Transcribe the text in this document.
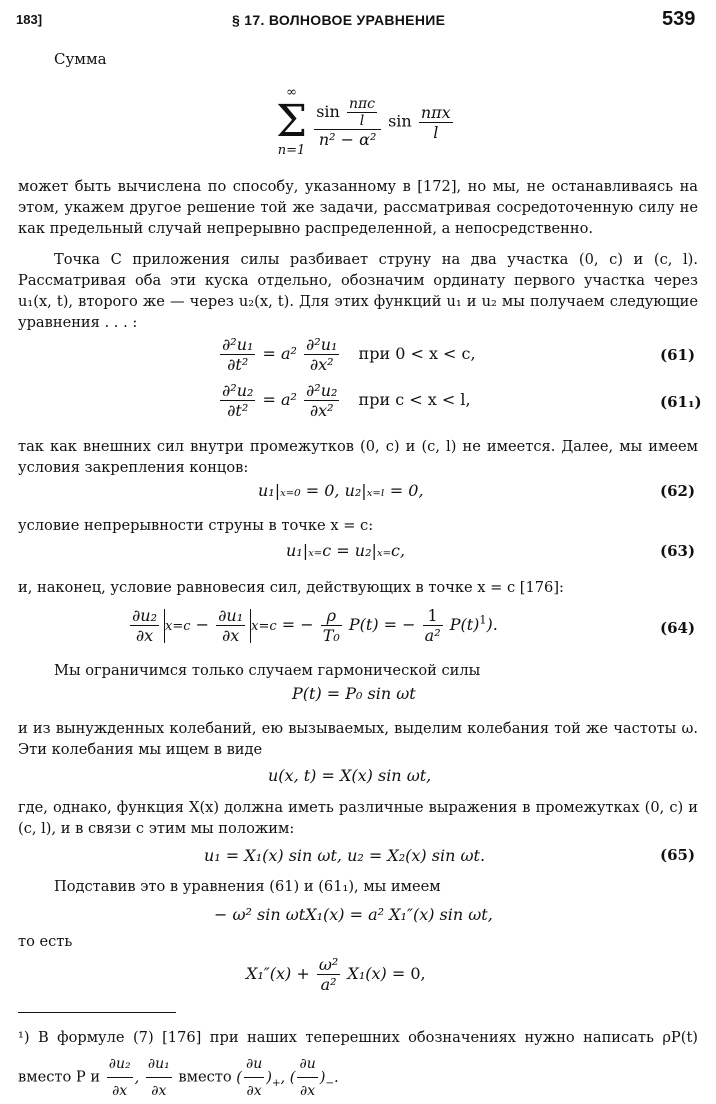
183]	§ 17. ВОЛНОВОЕ УРАВНЕНИЕ	539
Сумма
∞
Σ
n=1

$\frac{\sin \frac{\text{nπc}}{l}}{\text{n² − α²}}$ $\sin \frac{\text{nπx}}{l}$
может быть вычислена по способу, указанному в [172], но мы, не останавливаясь на этом, укажем другое решение той же задачи, рассматривая сосредоточенную силу не как предельный случай непрерывно распределенной, а непосредственно.
Точка C приложения силы разбивает струну на два участка (0, c) и (c, l). Рассматривая оба эти куска отдельно, обозначим ординату первого участка через u₁(x, t), второго же — через u₂(x, t). Для этих функций u₁ и u₂ мы получаем следующие уравнения . . . :
$\frac{\text{∂²u₁}}{\text{∂t²}} = a^2 \frac{\text{∂²u₁}}{\text{∂x²}}$ при 0 < x < c,	(61)
$\frac{\text{∂²u₂}}{\text{∂t²}} = a^2 \frac{\text{∂²u₂}}{\text{∂x²}}$ при c < x < l,	(61₁)
так как внешних сил внутри промежутков (0, c) и (c, l) не имеется. Далее, мы имеем условия закрепления концов:
u₁|ₓ₌₀ = 0, u₂|ₓ₌ₗ = 0,	(62)
условие непрерывности струны в точке x = c:
u₁|ₓ₌c = u₂|ₓ₌c,	(63)
и, наконец, условие равновесия сил, действующих в точке x = c [176]:
$\frac{\text{∂u₂}}{\partial x} x=c - \frac{\text{∂u₁}}{\partial x} x=c$ = − $\frac{\rho}{\text{T₀}} P(t)$ = − $\frac{1}{\text{a²}} P(t)^1$).	(64)
Мы ограничимся только случаем гармонической силы
P(t) = P₀ sin ωt
и из вынужденных колебаний, ею вызываемых, выделим колебания той же частоты ω. Эти колебания мы ищем в виде
u(x, t) = X(x) sin ωt,
где, однако, функция X(x) должна иметь различные выражения в промежутках (0, c) и (c, l), и в связи с этим мы положим:
u₁ = X₁(x) sin ωt, u₂ = X₂(x) sin ωt.	(65)
Подставив это в уравнения (61) и (61₁), мы имеем
− ω² sin ωtX₁(x) = a² X₁″(x) sin ωt,
то есть
$X_1''(x) + \frac{\text{ω²}}{\text{a²}} X_1(x) = 0$,
¹) В формуле (7) [176] при наших теперешних обозначениях нужно написать ρP(t) вместо P и $\frac{\text{∂u₂}}{\partial x}$ , $\frac{\text{∂u₁}}{\partial x}$ вместо ( $\frac{\partial u}{\partial x} )_+$, ( $\frac{\partial u}{\partial x} )_-$.
